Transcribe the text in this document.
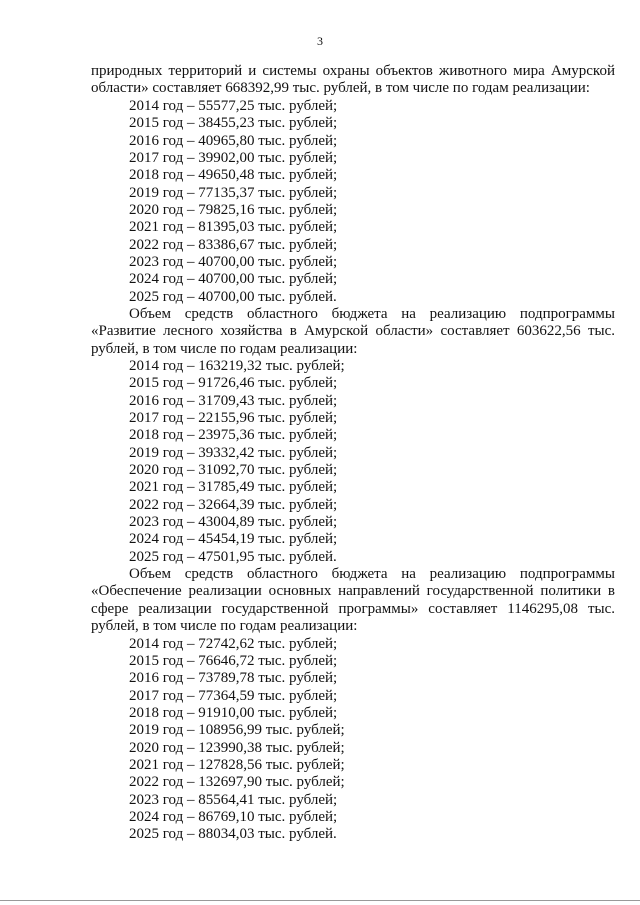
3
природных территорий и системы охраны объектов животного мира Амурской
области» составляет 668392,99 тыс. рублей, в том числе по годам реализации:
2014 год – 55577,25 тыс. рублей;
2015 год – 38455,23 тыс. рублей;
2016 год – 40965,80 тыс. рублей;
2017 год – 39902,00 тыс. рублей;
2018 год – 49650,48 тыс. рублей;
2019 год – 77135,37 тыс. рублей;
2020 год – 79825,16 тыс. рублей;
2021 год – 81395,03 тыс. рублей;
2022 год – 83386,67 тыс. рублей;
2023 год – 40700,00 тыс. рублей;
2024 год – 40700,00 тыс. рублей;
2025 год – 40700,00 тыс. рублей.
Объем средств областного бюджета на реализацию подпрограммы
«Развитие лесного хозяйства в Амурской области» составляет 603622,56 тыс.
рублей, в том числе по годам реализации:
2014 год – 163219,32 тыс. рублей;
2015 год – 91726,46 тыс. рублей;
2016 год – 31709,43 тыс. рублей;
2017 год – 22155,96 тыс. рублей;
2018 год – 23975,36 тыс. рублей;
2019 год – 39332,42 тыс. рублей;
2020 год – 31092,70 тыс. рублей;
2021 год – 31785,49 тыс. рублей;
2022 год – 32664,39 тыс. рублей;
2023 год – 43004,89 тыс. рублей;
2024 год – 45454,19 тыс. рублей;
2025 год – 47501,95 тыс. рублей.
Объем средств областного бюджета на реализацию подпрограммы
«Обеспечение реализации основных направлений государственной политики в
сфере реализации государственной программы» составляет 1146295,08 тыс.
рублей, в том числе по годам реализации:
2014 год – 72742,62 тыс. рублей;
2015 год – 76646,72 тыс. рублей;
2016 год – 73789,78 тыс. рублей;
2017 год – 77364,59 тыс. рублей;
2018 год – 91910,00 тыс. рублей;
2019 год – 108956,99 тыс. рублей;
2020 год – 123990,38 тыс. рублей;
2021 год – 127828,56 тыс. рублей;
2022 год – 132697,90 тыс. рублей;
2023 год – 85564,41 тыс. рублей;
2024 год – 86769,10 тыс. рублей;
2025 год – 88034,03 тыс. рублей.
